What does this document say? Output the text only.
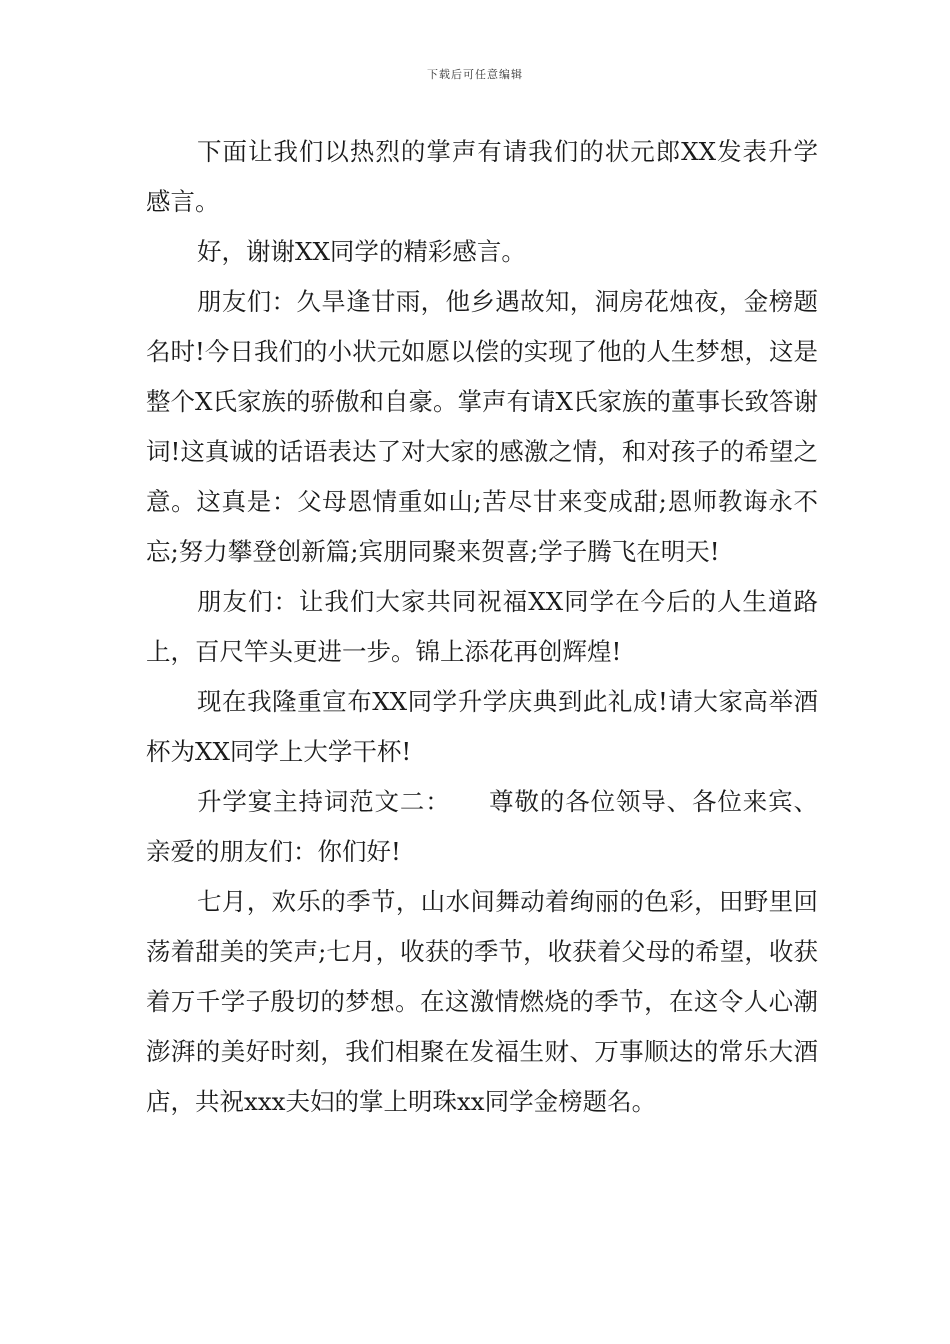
下载后可任意编辑

下面让我们以热烈的掌声有请我们的状元郎XX发表升学感言。

好，谢谢XX同学的精彩感言。

朋友们：久旱逢甘雨，他乡遇故知，洞房花烛夜，金榜题名时!今日我们的小状元如愿以偿的实现了他的人生梦想，这是整个X氏家族的骄傲和自豪。掌声有请X氏家族的董事长致答谢词!这真诚的话语表达了对大家的感激之情，和对孩子的希望之意。这真是：父母恩情重如山;苦尽甘来变成甜;恩师教诲永不忘;努力攀登创新篇;宾朋同聚来贺喜;学子腾飞在明天!

朋友们：让我们大家共同祝福XX同学在今后的人生道路上，百尺竿头更进一步。锦上添花再创辉煌!

现在我隆重宣布XX同学升学庆典到此礼成!请大家高举酒杯为XX同学上大学干杯!

升学宴主持词范文二：　　尊敬的各位领导、各位来宾、亲爱的朋友们：你们好!

七月，欢乐的季节，山水间舞动着绚丽的色彩，田野里回荡着甜美的笑声;七月，收获的季节，收获着父母的希望，收获着万千学子殷切的梦想。在这激情燃烧的季节，在这令人心潮澎湃的美好时刻，我们相聚在发福生财、万事顺达的常乐大酒店，共祝xxx夫妇的掌上明珠xx同学金榜题名。
